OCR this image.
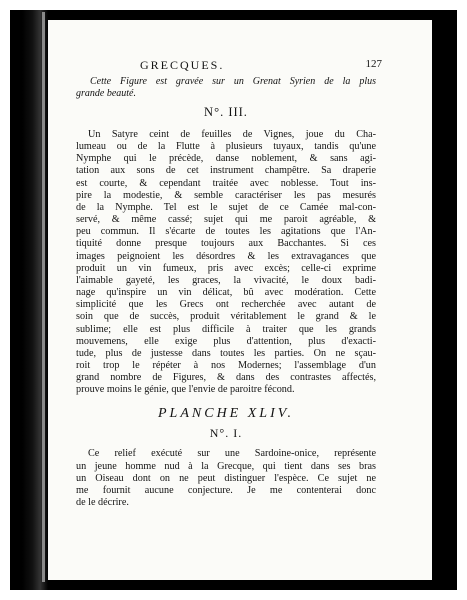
GRECQUES.	127
Cette Figure est gravée sur un Grenat Syrien de la plus
grande beauté.
N°. III.
Un Satyre ceint de feuilles de Vignes, joue du Cha-
lumeau ou de la Flutte à plusieurs tuyaux, tandis qu'une
Nymphe qui le précède, danse noblement, & sans agi-
tation aux sons de cet instrument champêtre. Sa draperie
est courte, & cependant traitée avec noblesse. Tout ins-
pire la modestie, & semble caractériser les pas mesurés
de la Nymphe. Tel est le sujet de ce Camée mal-con-
servé, & même cassé; sujet qui me paroit agréable, &
peu commun. Il s'écarte de toutes les agitations que l'An-
tiquité donne presque toujours aux Bacchantes. Si ces
images peignoient les désordres & les extravagances que
produit un vin fumeux, pris avec excès; celle-ci exprime
l'aimable gayeté, les graces, la vivacité, le doux badi-
nage qu'inspire un vin délicat, bû avec modération. Cette
simplicité que les Grecs ont recherchée avec autant de
soin que de succès, produit véritablement le grand & le
sublime; elle est plus difficile à traiter que les grands
mouvemens, elle exige plus d'attention, plus d'exacti-
tude, plus de justesse dans toutes les parties. On ne sçau-
roit trop le répéter à nos Modernes; l'assemblage d'un
grand nombre de Figures, & dans des contrastes affectés,
prouve moins le génie, que l'envie de paroitre fécond.
PLANCHE XLIV.
N°. I.
Ce relief exécuté sur une Sardoine-onice, représente
un jeune homme nud à la Grecque, qui tient dans ses bras
un Oiseau dont on ne peut distinguer l'espèce. Ce sujet ne
me fournit aucune conjecture. Je me contenterai donc
de le décrire.
